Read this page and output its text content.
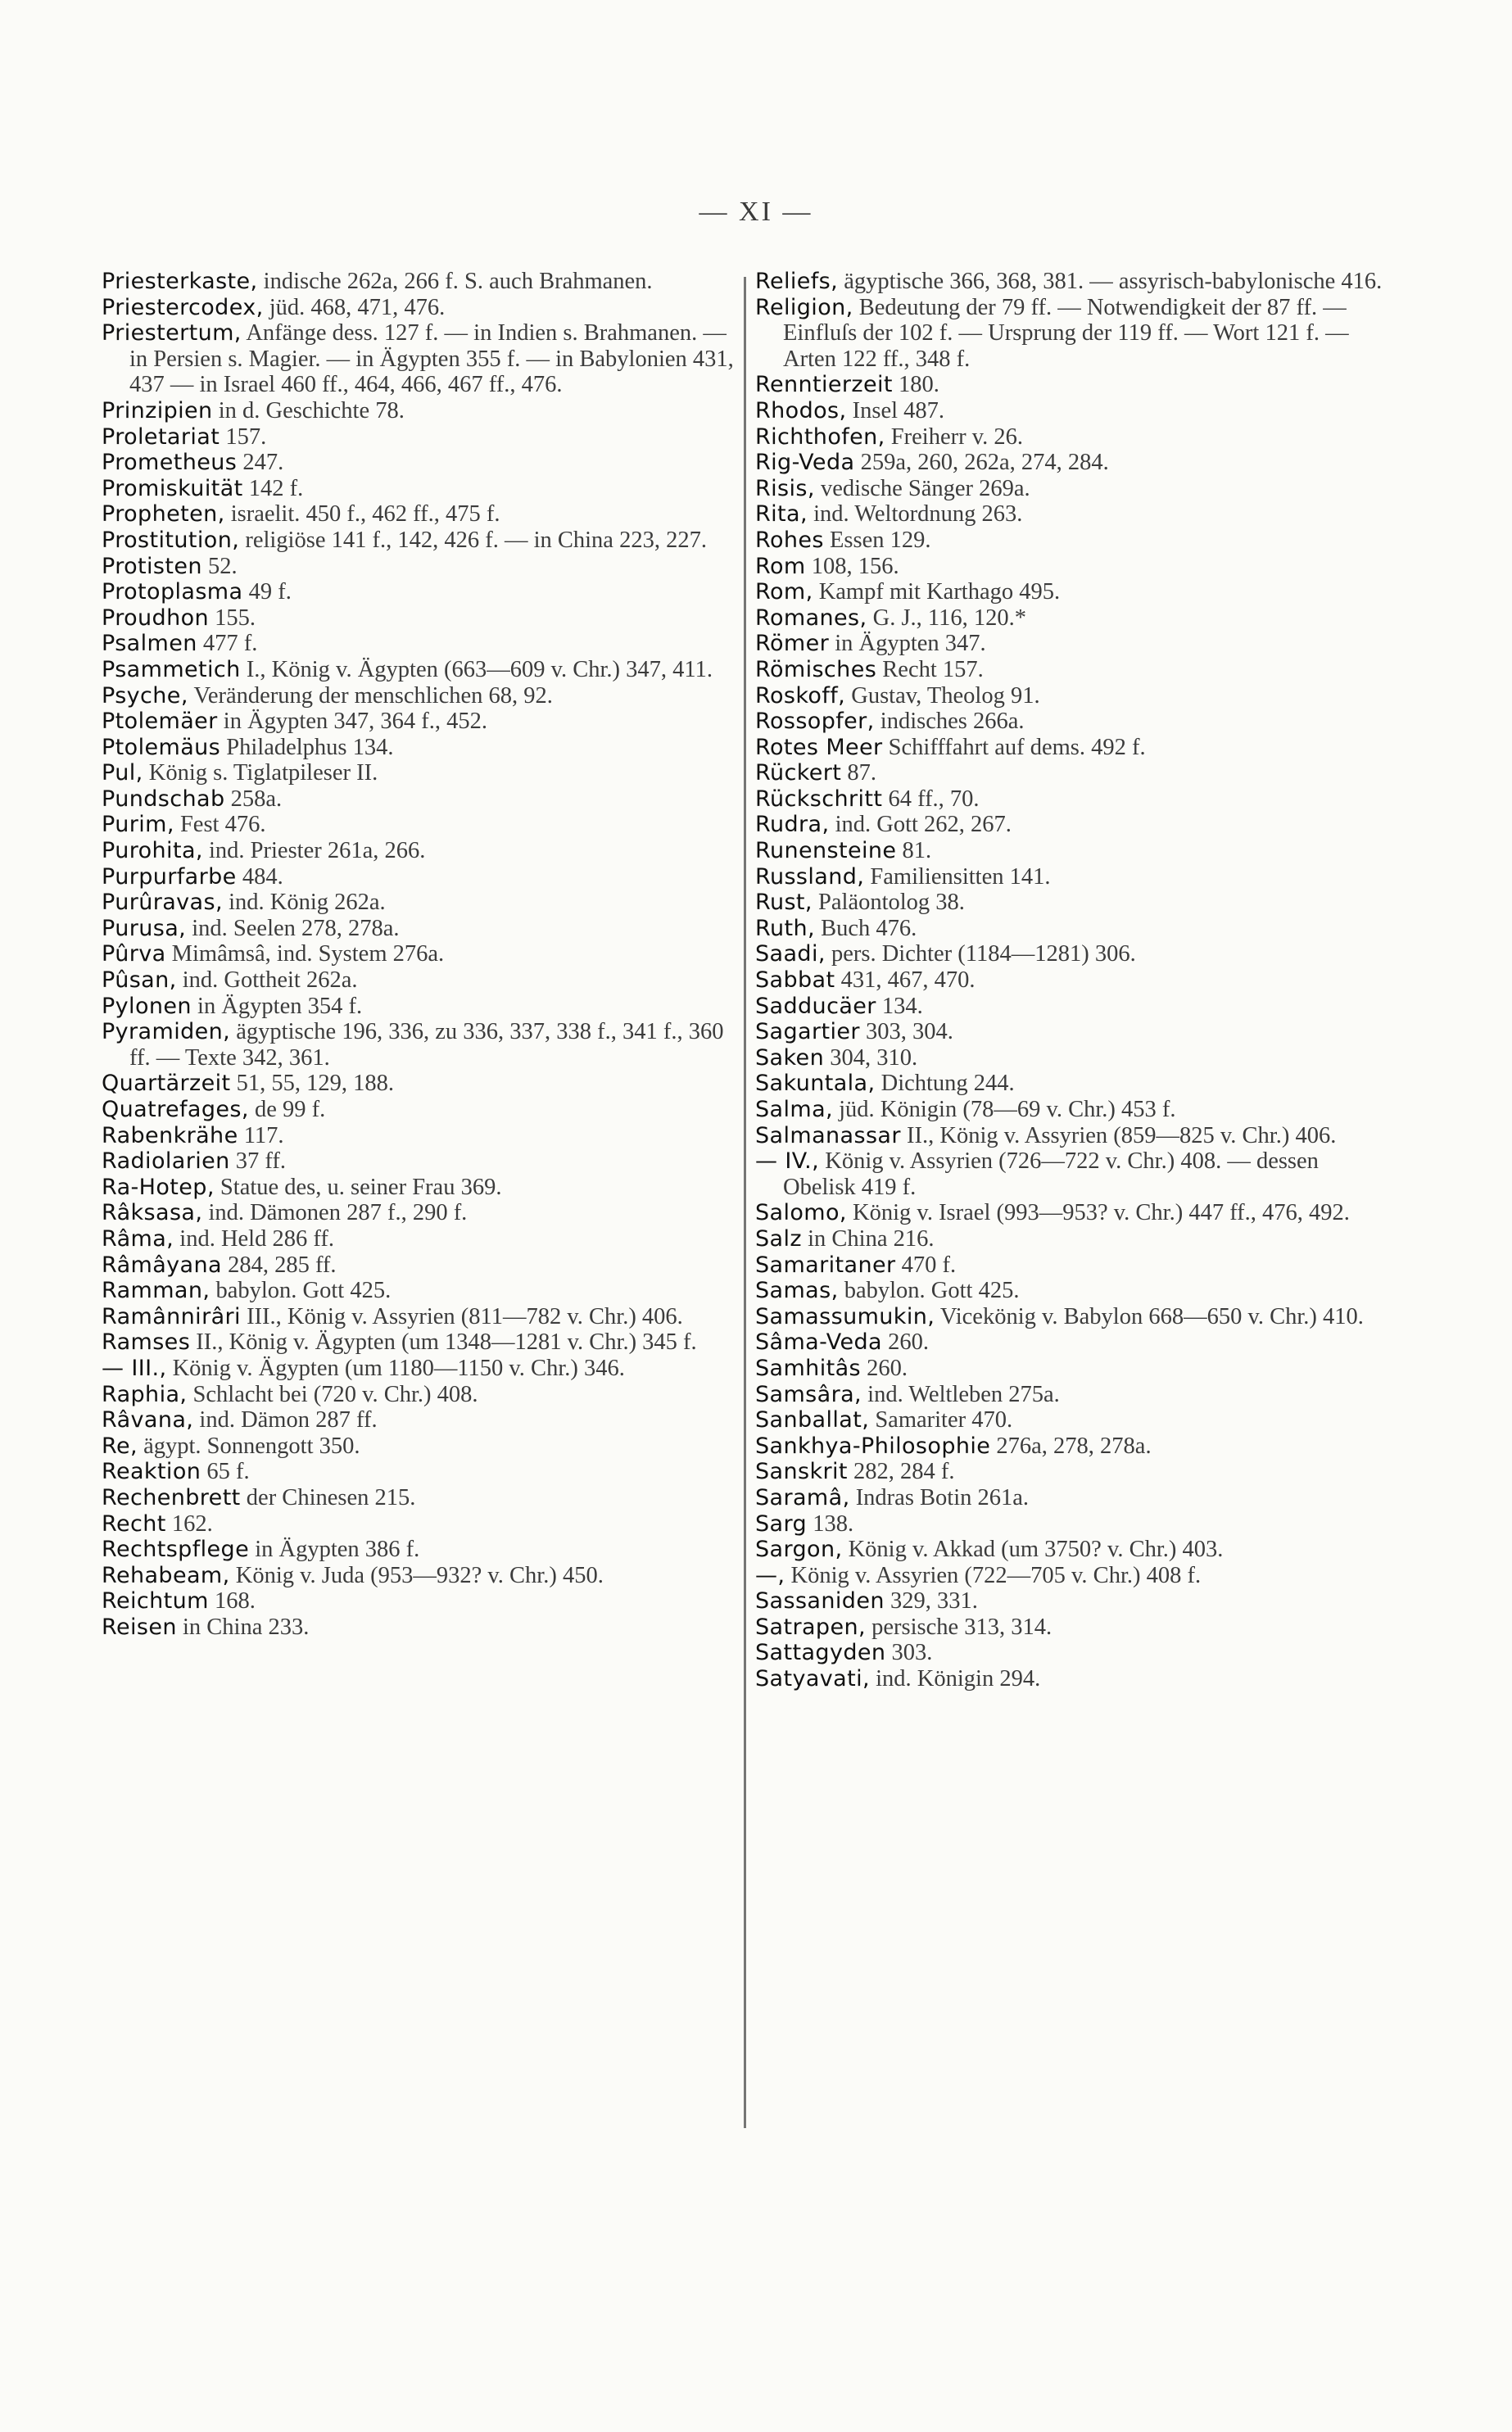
— XI —

Priesterkaste, indische 262a, 266 f. S. auch Brahmanen.

Priestercodex, jüd. 468, 471, 476.

Priestertum, Anfänge dess. 127 f. — in Indien s. Brahmanen. — in Persien s. Magier. — in Ägypten 355 f. — in Babylonien 431, 437 — in Israel 460 ff., 464, 466, 467 ff., 476.

Prinzipien in d. Geschichte 78.

Proletariat 157.

Prometheus 247.

Promiskuität 142 f.

Propheten, israelit. 450 f., 462 ff., 475 f.

Prostitution, religiöse 141 f., 142, 426 f. — in China 223, 227.

Protisten 52.

Protoplasma 49 f.

Proudhon 155.

Psalmen 477 f.

Psammetich I., König v. Ägypten (663—609 v. Chr.) 347, 411.

Psyche, Veränderung der menschlichen 68, 92.

Ptolemäer in Ägypten 347, 364 f., 452.

Ptolemäus Philadelphus 134.

Pul, König s. Tiglatpileser II.

Pundschab 258a.

Purim, Fest 476.

Purohita, ind. Priester 261a, 266.

Purpurfarbe 484.

Purûravas, ind. König 262a.

Purusa, ind. Seelen 278, 278a.

Pûrva Mimâmsâ, ind. System 276a.

Pûsan, ind. Gottheit 262a.

Pylonen in Ägypten 354 f.

Pyramiden, ägyptische 196, 336, zu 336, 337, 338 f., 341 f., 360 ff. — Texte 342, 361.

Quartärzeit 51, 55, 129, 188.

Quatrefages, de 99 f.

Rabenkrähe 117.

Radiolarien 37 ff.

Ra-Hotep, Statue des, u. seiner Frau 369.

Râksasa, ind. Dämonen 287 f., 290 f.

Râma, ind. Held 286 ff.

Râmâyana 284, 285 ff.

Ramman, babylon. Gott 425.

Ramânnirâri III., König v. Assyrien (811—782 v. Chr.) 406.

Ramses II., König v. Ägypten (um 1348—1281 v. Chr.) 345 f.

— III., König v. Ägypten (um 1180—1150 v. Chr.) 346.

Raphia, Schlacht bei (720 v. Chr.) 408.

Râvana, ind. Dämon 287 ff.

Re, ägypt. Sonnengott 350.

Reaktion 65 f.

Rechenbrett der Chinesen 215.

Recht 162.

Rechtspflege in Ägypten 386 f.

Rehabeam, König v. Juda (953—932? v. Chr.) 450.

Reichtum 168.

Reisen in China 233.

Reliefs, ägyptische 366, 368, 381. — assyrisch-babylonische 416.

Religion, Bedeutung der 79 ff. — Notwendigkeit der 87 ff. — Einfluſs der 102 f. — Ursprung der 119 ff. — Wort 121 f. — Arten 122 ff., 348 f.

Renntierzeit 180.

Rhodos, Insel 487.

Richthofen, Freiherr v. 26.

Rig-Veda 259a, 260, 262a, 274, 284.

Risis, vedische Sänger 269a.

Rita, ind. Weltordnung 263.

Rohes Essen 129.

Rom 108, 156.

Rom, Kampf mit Karthago 495.

Romanes, G. J., 116, 120.*

Römer in Ägypten 347.

Römisches Recht 157.

Roskoff, Gustav, Theolog 91.

Rossopfer, indisches 266a.

Rotes Meer Schifffahrt auf dems. 492 f.

Rückert 87.

Rückschritt 64 ff., 70.

Rudra, ind. Gott 262, 267.

Runensteine 81.

Russland, Familiensitten 141.

Rust, Paläontolog 38.

Ruth, Buch 476.

Saadi, pers. Dichter (1184—1281) 306.

Sabbat 431, 467, 470.

Sadducäer 134.

Sagartier 303, 304.

Saken 304, 310.

Sakuntala, Dichtung 244.

Salma, jüd. Königin (78—69 v. Chr.) 453 f.

Salmanassar II., König v. Assyrien (859—825 v. Chr.) 406.

— IV., König v. Assyrien (726—722 v. Chr.) 408. — dessen Obelisk 419 f.

Salomo, König v. Israel (993—953? v. Chr.) 447 ff., 476, 492.

Salz in China 216.

Samaritaner 470 f.

Samas, babylon. Gott 425.

Samassumukin, Vicekönig v. Babylon 668—650 v. Chr.) 410.

Sâma-Veda 260.

Samhitâs 260.

Samsâra, ind. Weltleben 275a.

Sanballat, Samariter 470.

Sankhya-Philosophie 276a, 278, 278a.

Sanskrit 282, 284 f.

Saramâ, Indras Botin 261a.

Sarg 138.

Sargon, König v. Akkad (um 3750? v. Chr.) 403.

—, König v. Assyrien (722—705 v. Chr.) 408 f.

Sassaniden 329, 331.

Satrapen, persische 313, 314.

Sattagyden 303.

Satyavati, ind. Königin 294.
